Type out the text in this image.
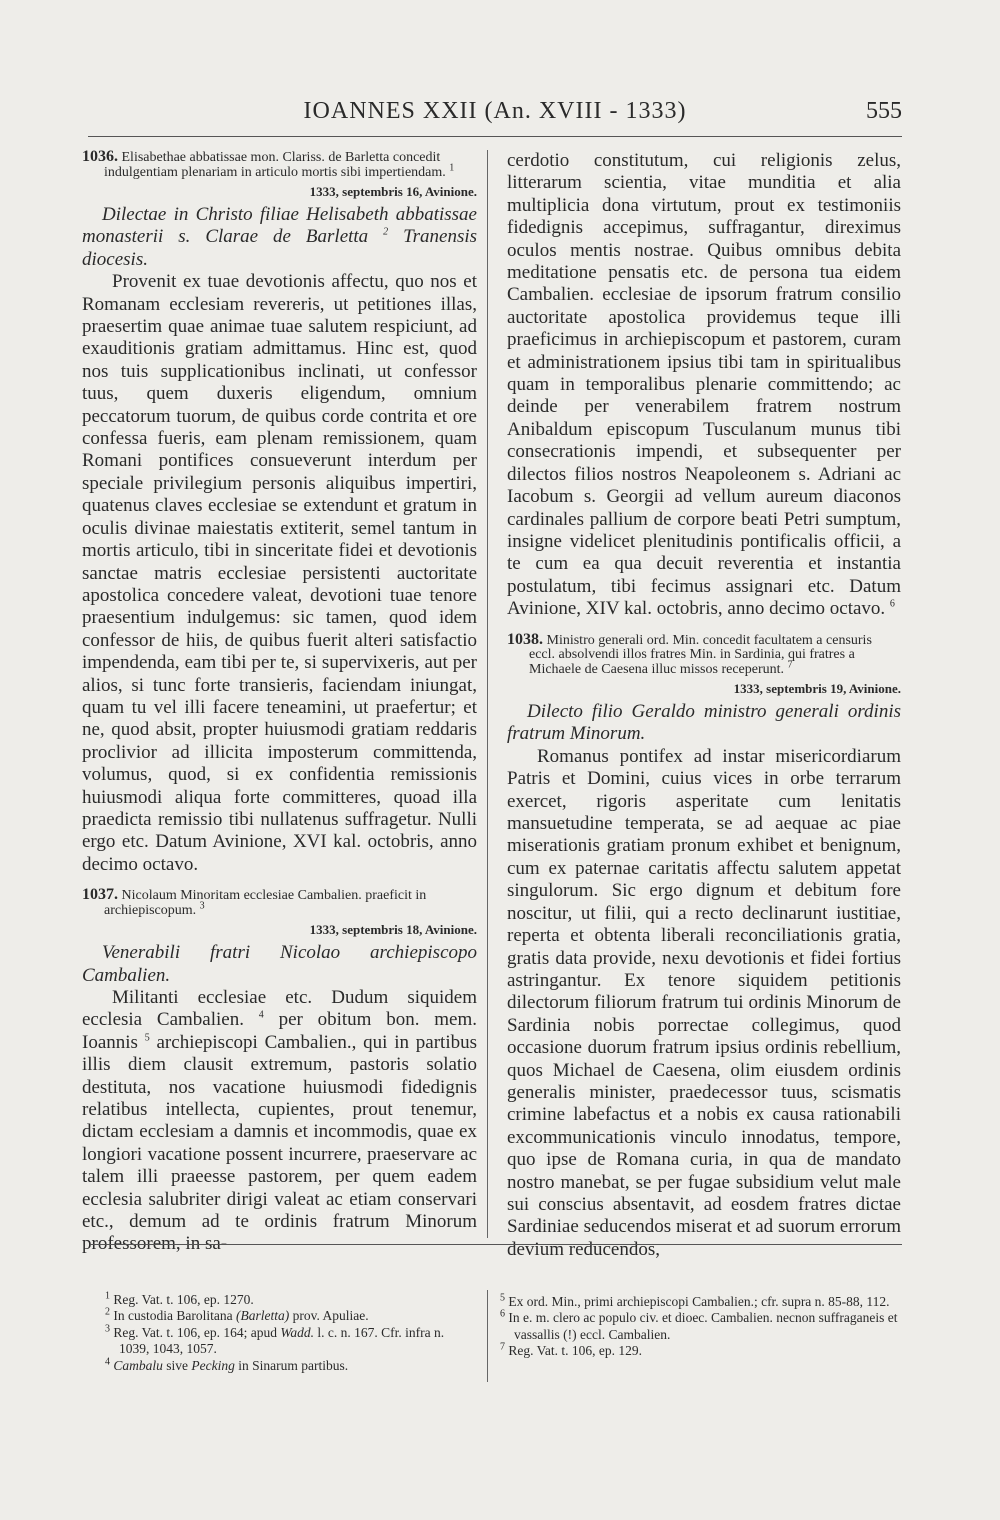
IOANNES XXII (An. XVIII - 1333)	555

1036. Elisabethae abbatissae mon. Clariss. de Barletta concedit indulgentiam plenariam in articulo mortis sibi impertiendam. $^1$

1333, septembris 16, Avinione.

Dilectae in Christo filiae Helisabeth abbatissae monasterii s. Clarae de Barletta $^2$ Tranensis diocesis.

Provenit ex tuae devotionis affectu, quo nos et Romanam ecclesiam revereris, ut petitiones illas, praesertim quae animae tuae salutem respiciunt, ad exauditionis gratiam admittamus. Hinc est, quod nos tuis supplicationibus inclinati, ut confessor tuus, quem duxeris eligendum, omnium peccatorum tuorum, de quibus corde contrita et ore confessa fueris, eam plenam remissionem, quam Romani pontifices consueverunt interdum per speciale privilegium personis aliquibus impertiri, quatenus claves ecclesiae se extendunt et gratum in oculis divinae maiestatis extiterit, semel tantum in mortis articulo, tibi in sinceritate fidei et devotionis sanctae matris ecclesiae persistenti auctoritate apostolica concedere valeat, devotioni tuae tenore praesentium indulgemus: sic tamen, quod idem confessor de hiis, de quibus fuerit alteri satisfactio impendenda, eam tibi per te, si supervixeris, aut per alios, si tunc forte transieris, faciendam iniungat, quam tu vel illi facere teneamini, ut praefertur; et ne, quod absit, propter huiusmodi gratiam reddaris proclivior ad illicita imposterum committenda, volumus, quod, si ex confidentia remissionis huiusmodi aliqua forte committeres, quoad illa praedicta remissio tibi nullatenus suffragetur. Nulli ergo etc. Datum Avinione, XVI kal. octobris, anno decimo octavo.

1037. Nicolaum Minoritam ecclesiae Cambalien. praeficit in archiepiscopum. $^3$

1333, septembris 18, Avinione.

Venerabili fratri Nicolao archiepiscopo Cambalien.

Militanti ecclesiae etc. Dudum siquidem ecclesia Cambalien. $^4$ per obitum bon. mem. Ioannis $^5$ archiepiscopi Cambalien., qui in partibus illis diem clausit extremum, pastoris solatio destituta, nos vacatione huiusmodi fidedignis relatibus intellecta, cupientes, prout tenemur, dictam ecclesiam a damnis et incommodis, quae ex longiori vacatione possent incurrere, praeservare ac talem illi praeesse pastorem, per quem eadem ecclesia salubriter dirigi valeat ac etiam conservari etc., demum ad te ordinis fratrum Minorum professorem, in sa-

cerdotio constitutum, cui religionis zelus, litterarum scientia, vitae munditia et alia multiplicia dona virtutum, prout ex testimoniis fidedignis accepimus, suffragantur, direximus oculos mentis nostrae. Quibus omnibus debita meditatione pensatis etc. de persona tua eidem Cambalien. ecclesiae de ipsorum fratrum consilio auctoritate apostolica providemus teque illi praeficimus in archiepiscopum et pastorem, curam et administrationem ipsius tibi tam in spiritualibus quam in temporalibus plenarie committendo; ac deinde per venerabilem fratrem nostrum Anibaldum episcopum Tusculanum munus tibi consecrationis impendi, et subsequenter per dilectos filios nostros Neapoleonem s. Adriani ac Iacobum s. Georgii ad vellum aureum diaconos cardinales pallium de corpore beati Petri sumptum, insigne videlicet plenitudinis pontificalis officii, a te cum ea qua decuit reverentia et instantia postulatum, tibi fecimus assignari etc. Datum Avinione, XIV kal. octobris, anno decimo octavo. $^6$

1038. Ministro generali ord. Min. concedit facultatem a censuris eccl. absolvendi illos fratres Min. in Sardinia, qui fratres a Michaele de Caesena illuc missos receperunt. $^7$

1333, septembris 19, Avinione.

Dilecto filio Geraldo ministro generali ordinis fratrum Minorum.

Romanus pontifex ad instar misericordiarum Patris et Domini, cuius vices in orbe terrarum exercet, rigoris asperitate cum lenitatis mansuetudine temperata, se ad aequae ac piae miserationis gratiam pronum exhibet et benignum, cum ex paternae caritatis affectu salutem appetat singulorum. Sic ergo dignum et debitum fore noscitur, ut filii, qui a recto declinarunt iustitiae, reperta et obtenta liberali reconciliationis gratia, gratis data provide, nexu devotionis et fidei fortius astringantur. Ex tenore siquidem petitionis dilectorum filiorum fratrum tui ordinis Minorum de Sardinia nobis porrectae collegimus, quod occasione duorum fratrum ipsius ordinis rebellium, quos Michael de Caesena, olim eiusdem ordinis generalis minister, praedecessor tuus, scismatis crimine labefactus et a nobis ex causa rationabili excommunicationis vinculo innodatus, tempore, quo ipse de Romana curia, in qua de mandato nostro manebat, se per fugae subsidium velut male sui conscius absentavit, ad eosdem fratres dictae Sardiniae seducendos miserat et ad suorum errorum devium reducendos,

$^1$ Reg. Vat. t. 106, ep. 1270.

$^2$ In custodia Barolitana (Barletta) prov. Apuliae.

$^3$ Reg. Vat. t. 106, ep. 164; apud Wadd. l. c. n. 167. Cfr. infra n. 1039, 1043, 1057.

$^4$ Cambalu sive Pecking in Sinarum partibus.

$^5$ Ex ord. Min., primi archiepiscopi Cambalien.; cfr. supra n. 85-88, 112.

$^6$ In e. m. clero ac populo civ. et dioec. Cambalien. necnon suffraganeis et vassallis (!) eccl. Cambalien.

$^7$ Reg. Vat. t. 106, ep. 129.
